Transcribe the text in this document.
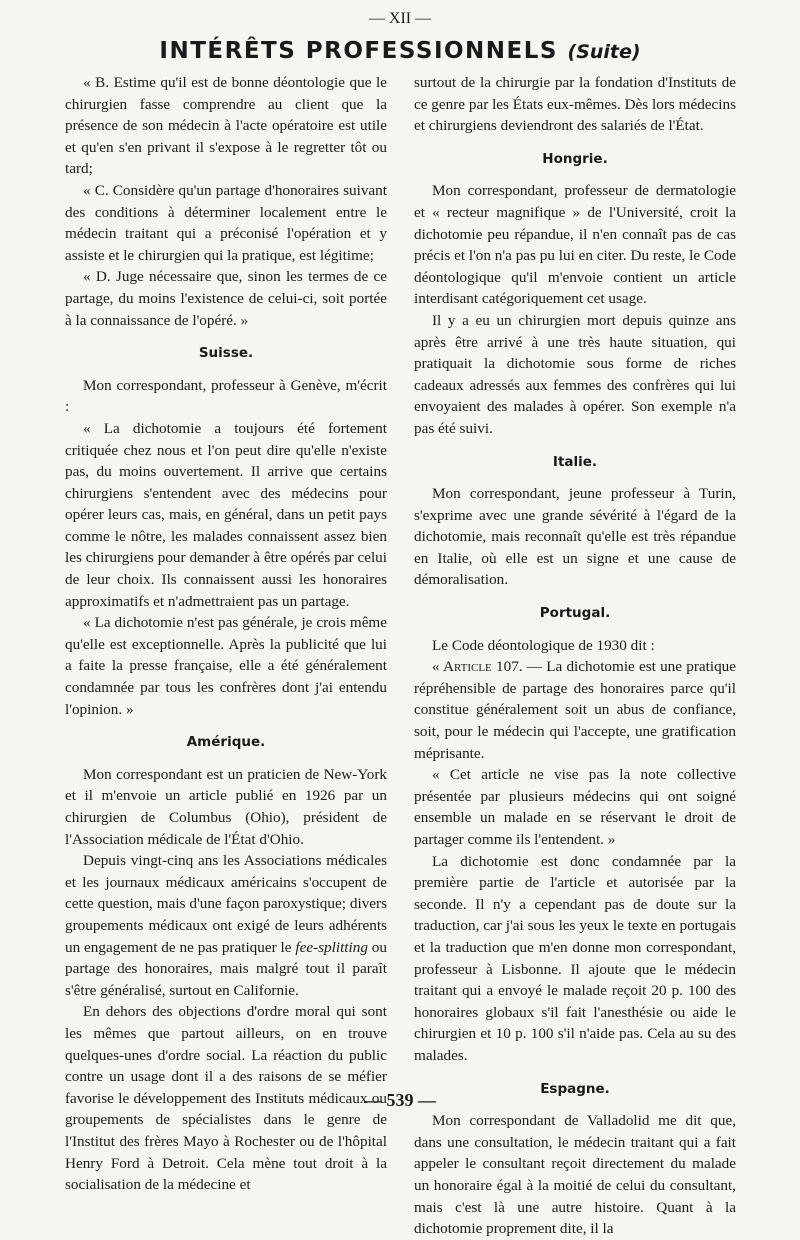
— XII —
INTÉRÊTS PROFESSIONNELS (Suite)

« B. Estime qu'il est de bonne déontologie que le chirurgien fasse comprendre au client que la présence de son médecin à l'acte opératoire est utile et qu'en s'en privant il s'expose à le regretter tôt ou tard;

« C. Considère qu'un partage d'honoraires suivant des conditions à déterminer localement entre le médecin traitant qui a préconisé l'opération et y assiste et le chirurgien qui la pratique, est légitime;

« D. Juge nécessaire que, sinon les termes de ce partage, du moins l'existence de celui-ci, soit portée à la connaissance de l'opéré. »

Suisse.

Mon correspondant, professeur à Genève, m'écrit :

« La dichotomie a toujours été fortement critiquée chez nous et l'on peut dire qu'elle n'existe pas, du moins ouvertement. Il arrive que certains chirurgiens s'entendent avec des médecins pour opérer leurs cas, mais, en général, dans un petit pays comme le nôtre, les malades connaissent assez bien les chirurgiens pour demander à être opérés par celui de leur choix. Ils connaissent aussi les honoraires approximatifs et n'admettraient pas un partage.

« La dichotomie n'est pas générale, je crois même qu'elle est exceptionnelle. Après la publicité que lui a faite la presse française, elle a été généralement condamnée par tous les confrères dont j'ai entendu l'opinion. »

Amérique.

Mon correspondant est un praticien de New-York et il m'envoie un article publié en 1926 par un chirurgien de Columbus (Ohio), président de l'Association médicale de l'État d'Ohio.

Depuis vingt-cinq ans les Associations médicales et les journaux médicaux américains s'occupent de cette question, mais d'une façon paroxystique; divers groupements médicaux ont exigé de leurs adhérents un engagement de ne pas pratiquer le fee-splitting ou partage des honoraires, mais malgré tout il paraît s'être généralisé, surtout en Californie.

En dehors des objections d'ordre moral qui sont les mêmes que partout ailleurs, on en trouve quelques-unes d'ordre social. La réaction du public contre un usage dont il a des raisons de se méfier favorise le développement des Instituts médicaux ou groupements de spécialistes dans le genre de l'Institut des frères Mayo à Rochester ou de l'hôpital Henry Ford à Detroit. Cela mène tout droit à la socialisation de la médecine et

surtout de la chirurgie par la fondation d'Instituts de ce genre par les États eux-mêmes. Dès lors médecins et chirurgiens deviendront des salariés de l'État.

Hongrie.

Mon correspondant, professeur de dermatologie et « recteur magnifique » de l'Université, croit la dichotomie peu répandue, il n'en connaît pas de cas précis et l'on n'a pas pu lui en citer. Du reste, le Code déontologique qu'il m'envoie contient un article interdisant catégoriquement cet usage.

Il y a eu un chirurgien mort depuis quinze ans après être arrivé à une très haute situation, qui pratiquait la dichotomie sous forme de riches cadeaux adressés aux femmes des confrères qui lui envoyaient des malades à opérer. Son exemple n'a pas été suivi.

Italie.

Mon correspondant, jeune professeur à Turin, s'exprime avec une grande sévérité à l'égard de la dichotomie, mais reconnaît qu'elle est très répandue en Italie, où elle est un signe et une cause de démoralisation.

Portugal.

Le Code déontologique de 1930 dit :

« Article 107. — La dichotomie est une pratique répréhensible de partage des honoraires parce qu'il constitue généralement soit un abus de confiance, soit, pour le médecin qui l'accepte, une gratification méprisante.

« Cet article ne vise pas la note collective présentée par plusieurs médecins qui ont soigné ensemble un malade en se réservant le droit de partager comme ils l'entendent. »

La dichotomie est donc condamnée par la première partie de l'article et autorisée par la seconde. Il n'y a cependant pas de doute sur la traduction, car j'ai sous les yeux le texte en portugais et la traduction que m'en donne mon correspondant, professeur à Lisbonne. Il ajoute que le médecin traitant qui a envoyé le malade reçoit 20 p. 100 des honoraires globaux s'il fait l'anesthésie ou aide le chirurgien et 10 p. 100 s'il n'aide pas. Cela au su des malades.

Espagne.

Mon correspondant de Valladolid me dit que, dans une consultation, le médecin traitant qui a fait appeler le consultant reçoit directement du malade un honoraire égal à la moitié de celui du consultant, mais c'est là une autre histoire. Quant à la dichotomie proprement dite, il la

— 539 —
